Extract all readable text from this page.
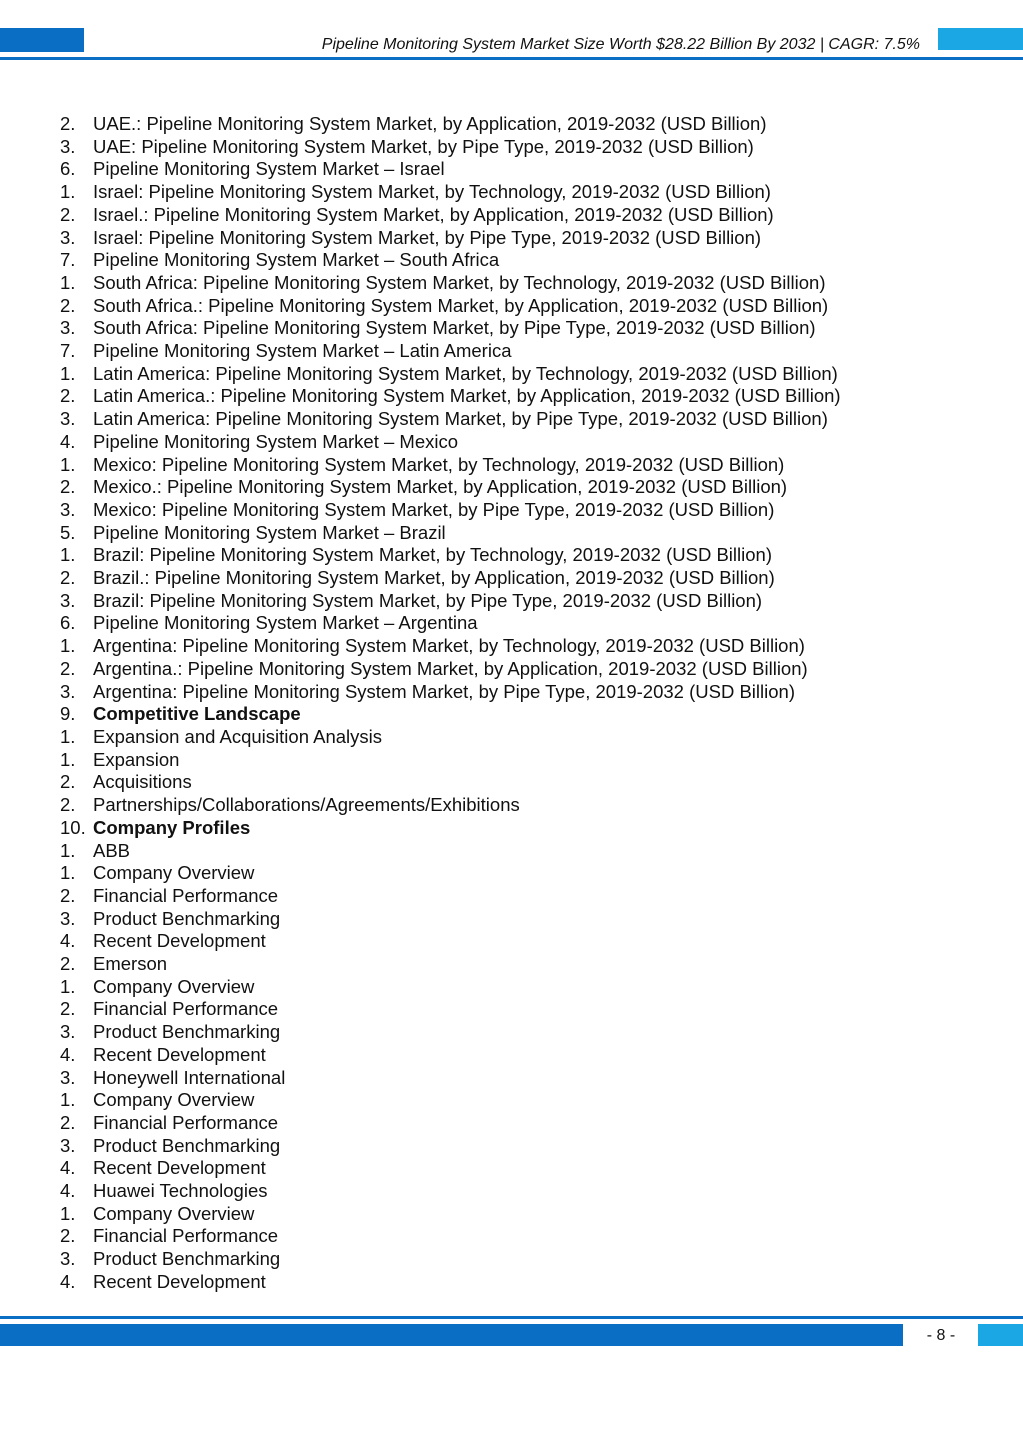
Pipeline Monitoring System Market Size Worth $28.22 Billion By 2032 | CAGR: 7.5%
2. UAE.: Pipeline Monitoring System Market, by Application, 2019-2032 (USD Billion)
3. UAE: Pipeline Monitoring System Market, by Pipe Type, 2019-2032 (USD Billion)
6. Pipeline Monitoring System Market – Israel
1. Israel: Pipeline Monitoring System Market, by Technology, 2019-2032 (USD Billion)
2. Israel.: Pipeline Monitoring System Market, by Application, 2019-2032 (USD Billion)
3. Israel: Pipeline Monitoring System Market, by Pipe Type, 2019-2032 (USD Billion)
7. Pipeline Monitoring System Market – South Africa
1. South Africa: Pipeline Monitoring System Market, by Technology, 2019-2032 (USD Billion)
2. South Africa.: Pipeline Monitoring System Market, by Application, 2019-2032 (USD Billion)
3. South Africa: Pipeline Monitoring System Market, by Pipe Type, 2019-2032 (USD Billion)
7. Pipeline Monitoring System Market – Latin America
1. Latin America: Pipeline Monitoring System Market, by Technology, 2019-2032 (USD Billion)
2. Latin America.: Pipeline Monitoring System Market, by Application, 2019-2032 (USD Billion)
3. Latin America: Pipeline Monitoring System Market, by Pipe Type, 2019-2032 (USD Billion)
4. Pipeline Monitoring System Market – Mexico
1. Mexico: Pipeline Monitoring System Market, by Technology, 2019-2032 (USD Billion)
2. Mexico.: Pipeline Monitoring System Market, by Application, 2019-2032 (USD Billion)
3. Mexico: Pipeline Monitoring System Market, by Pipe Type, 2019-2032 (USD Billion)
5. Pipeline Monitoring System Market – Brazil
1. Brazil: Pipeline Monitoring System Market, by Technology, 2019-2032 (USD Billion)
2. Brazil.: Pipeline Monitoring System Market, by Application, 2019-2032 (USD Billion)
3. Brazil: Pipeline Monitoring System Market, by Pipe Type, 2019-2032 (USD Billion)
6. Pipeline Monitoring System Market – Argentina
1. Argentina: Pipeline Monitoring System Market, by Technology, 2019-2032 (USD Billion)
2. Argentina.: Pipeline Monitoring System Market, by Application, 2019-2032 (USD Billion)
3. Argentina: Pipeline Monitoring System Market, by Pipe Type, 2019-2032 (USD Billion)
9. Competitive Landscape
1. Expansion and Acquisition Analysis
1. Expansion
2. Acquisitions
2. Partnerships/Collaborations/Agreements/Exhibitions
10. Company Profiles
1. ABB
1. Company Overview
2. Financial Performance
3. Product Benchmarking
4. Recent Development
2. Emerson
1. Company Overview
2. Financial Performance
3. Product Benchmarking
4. Recent Development
3. Honeywell International
1. Company Overview
2. Financial Performance
3. Product Benchmarking
4. Recent Development
4. Huawei Technologies
1. Company Overview
2. Financial Performance
3. Product Benchmarking
4. Recent Development
- 8 -
